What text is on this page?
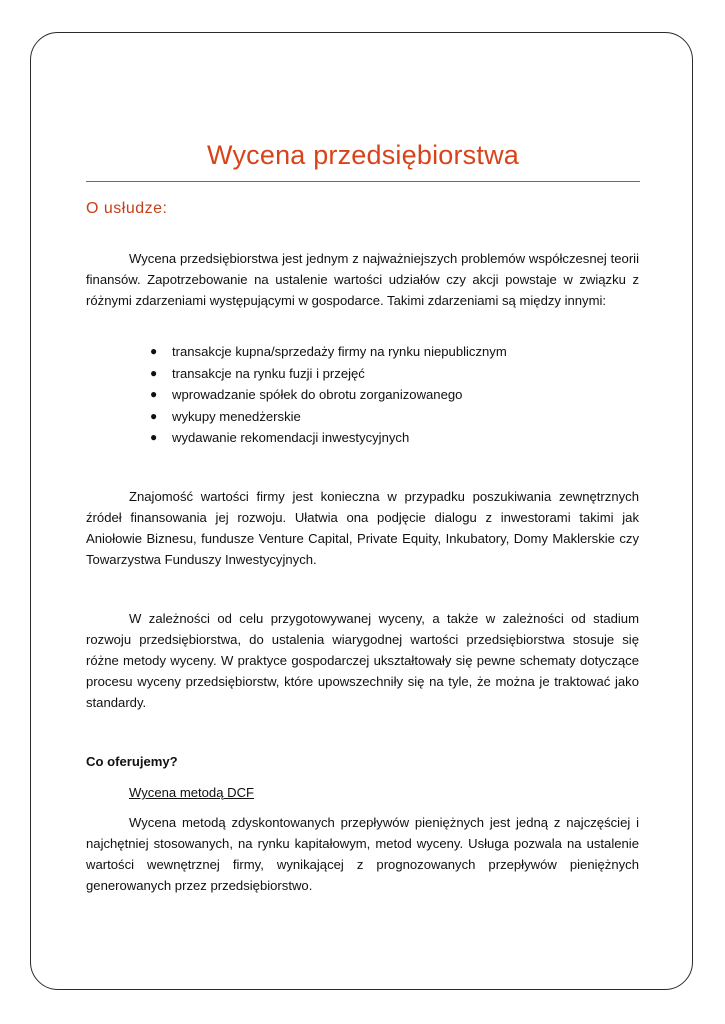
Wycena przedsiębiorstwa
O usłudze:

Wycena przedsiębiorstwa jest jednym z najważniejszych problemów współczesnej teorii finansów. Zapotrzebowanie na ustalenie wartości udziałów czy akcji powstaje w związku z różnymi zdarzeniami występującymi w gospodarce. Takimi zdarzeniami są między innymi:

● transakcje kupna/sprzedaży firmy na rynku niepublicznym
● transakcje na rynku fuzji i przejęć
● wprowadzanie spółek do obrotu zorganizowanego
● wykupy menedżerskie
● wydawanie rekomendacji inwestycyjnych

Znajomość wartości firmy jest konieczna w przypadku poszukiwania zewnętrznych źródeł finansowania jej rozwoju. Ułatwia ona podjęcie dialogu z inwestorami takimi jak Aniołowie Biznesu, fundusze Venture Capital, Private Equity, Inkubatory, Domy Maklerskie czy Towarzystwa Funduszy Inwestycyjnych.

W zależności od celu przygotowywanej wyceny, a także w zależności od stadium rozwoju przedsiębiorstwa, do ustalenia wiarygodnej wartości przedsiębiorstwa stosuje się różne metody wyceny. W praktyce gospodarczej ukształtowały się pewne schematy dotyczące procesu wyceny przedsiębiorstw, które upowszechniły się na tyle, że można je traktować jako standardy.

Co oferujemy?

Wycena metodą DCF

Wycena metodą zdyskontowanych przepływów pieniężnych jest jedną z najczęściej i najchętniej stosowanych, na rynku kapitałowym, metod wyceny. Usługa pozwala na ustalenie wartości wewnętrznej firmy, wynikającej z prognozowanych przepływów pieniężnych generowanych przez przedsiębiorstwo.
